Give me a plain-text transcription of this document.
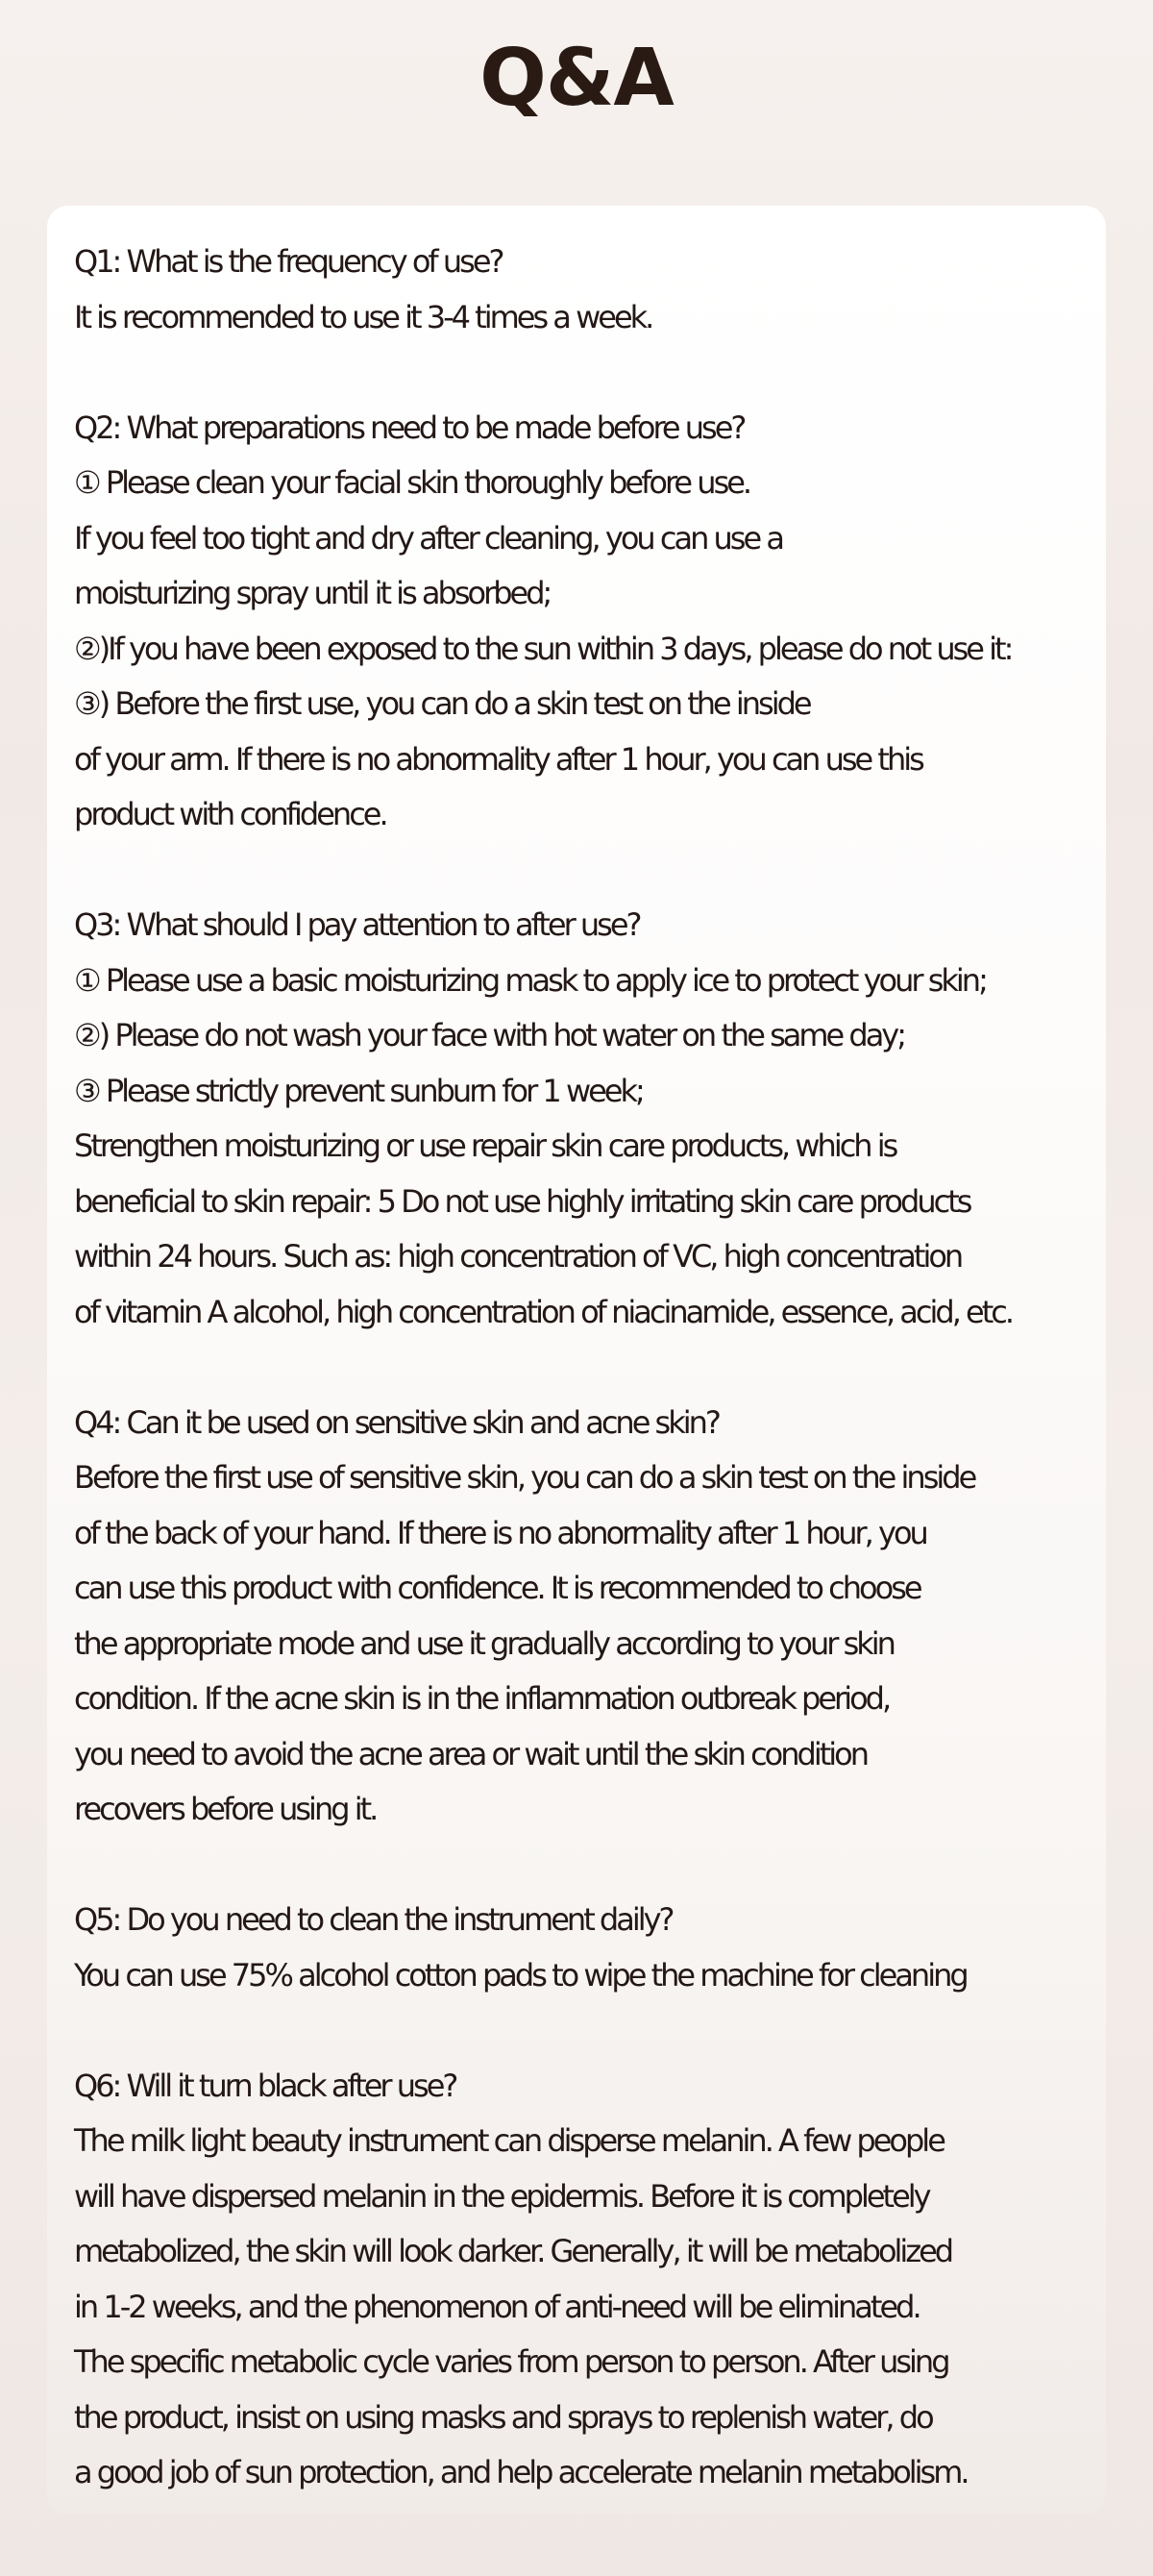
Q&A

Q1: What is the frequency of use?

It is recommended to use it 3-4 times a week.

Q2: What preparations need to be made before use?

① Please clean your facial skin thoroughly before use.

If you feel too tight and dry after cleaning, you can use a

moisturizing spray until it is absorbed;

②)If you have been exposed to the sun within 3 days, please do not use it:

③) Before the first use, you can do a skin test on the inside

of your arm. If there is no abnormality after 1 hour, you can use this

product with confidence.

Q3: What should I pay attention to after use?

① Please use a basic moisturizing mask to apply ice to protect your skin;

②) Please do not wash your face with hot water on the same day;

③ Please strictly prevent sunburn for 1 week;

Strengthen moisturizing or use repair skin care products, which is

beneficial to skin repair: 5 Do not use highly irritating skin care products

within 24 hours. Such as: high concentration of VC, high concentration

of vitamin A alcohol, high concentration of niacinamide, essence, acid, etc.

Q4: Can it be used on sensitive skin and acne skin?

Before the first use of sensitive skin, you can do a skin test on the inside

of the back of your hand. If there is no abnormality after 1 hour, you

can use this product with confidence. It is recommended to choose

the appropriate mode and use it gradually according to your skin

condition. If the acne skin is in the inflammation outbreak period,

you need to avoid the acne area or wait until the skin condition

recovers before using it.

Q5: Do you need to clean the instrument daily?

You can use 75% alcohol cotton pads to wipe the machine for cleaning

Q6: Will it turn black after use?

The milk light beauty instrument can disperse melanin. A few people

will have dispersed melanin in the epidermis. Before it is completely

metabolized, the skin will look darker. Generally, it will be metabolized

in 1-2 weeks, and the phenomenon of anti-need will be eliminated.

The specific metabolic cycle varies from person to person. After using

the product, insist on using masks and sprays to replenish water, do

a good job of sun protection, and help accelerate melanin metabolism.
